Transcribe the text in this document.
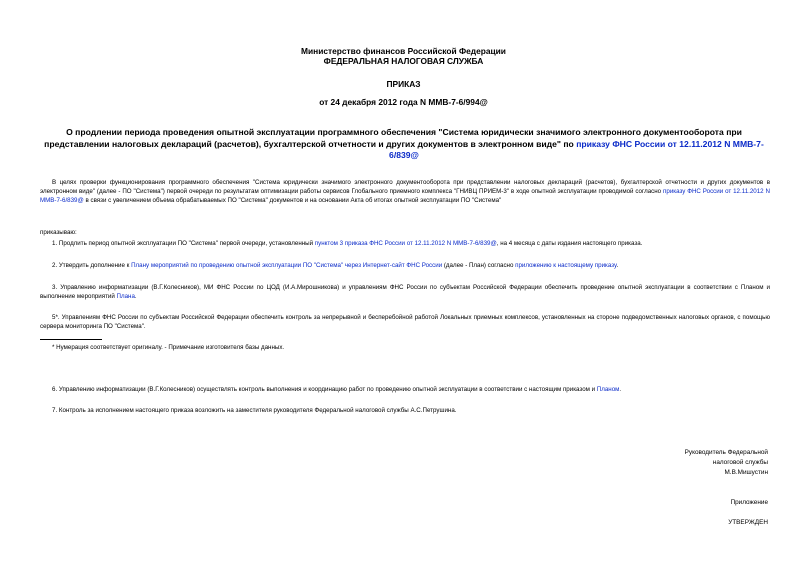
Министерство финансов Российской Федерации
ФЕДЕРАЛЬНАЯ НАЛОГОВАЯ СЛУЖБА
ПРИКАЗ
от 24 декабря 2012 года N ММВ-7-6/994@
О продлении периода проведения опытной эксплуатации программного обеспечения "Система юридически значимого электронного документооборота при представлении налоговых деклараций (расчетов), бухгалтерской отчетности и других документов в электронном виде" по приказу ФНС России от 12.11.2012 N ММВ-7-6/839@
В целях проверки функционирования программного обеспечения "Система юридически значимого электронного документооборота при представлении налоговых деклараций (расчетов), бухгалтерской отчетности и других документов в электронном виде" (далее - ПО "Система") первой очереди по результатам оптимизации работы сервисов Глобального приемного комплекса "ГНИВЦ ПРИЕМ-3" в ходе опытной эксплуатации проводимой согласно приказу ФНС России от 12.11.2012 N ММВ-7-6/839@ в связи с увеличением объема обрабатываемых ПО "Система" документов и на основании Акта об итогах опытной эксплуатации ПО "Система"
приказываю:
1. Продлить период опытной эксплуатации ПО "Система" первой очереди, установленный пунктом 3 приказа ФНС России от 12.11.2012 N ММВ-7-6/839@, на 4 месяца с даты издания настоящего приказа.
2. Утвердить дополнение к Плану мероприятий по проведению опытной эксплуатации ПО "Система" через Интернет-сайт ФНС России (далее - План) согласно приложению к настоящему приказу.
3. Управлению информатизации (В.Г.Колесников), МИ ФНС России по ЦОД (И.А.Мирошникова) и управлениям ФНС России по субъектам Российской Федерации обеспечить проведение опытной эксплуатации в соответствии с Планом и выполнение мероприятий Плана.
5*. Управлениям ФНС России по субъектам Российской Федерации обеспечить контроль за непрерывной и бесперебойной работой Локальных приемных комплексов, установленных на стороне подведомственных налоговых органов, с помощью сервера мониторинга ПО "Система".
* Нумерация соответствует оригиналу. - Примечание изготовителя базы данных.
6. Управлению информатизации (В.Г.Колесников) осуществлять контроль выполнения и координацию работ по проведению опытной эксплуатации в соответствии с настоящим приказом и Планом.
7. Контроль за исполнением настоящего приказа возложить на заместителя руководителя Федеральной налоговой службы А.С.Петрушина.
Руководитель Федеральной
налоговой службы
М.В.Мишустин
Приложение
УТВЕРЖДЕН
